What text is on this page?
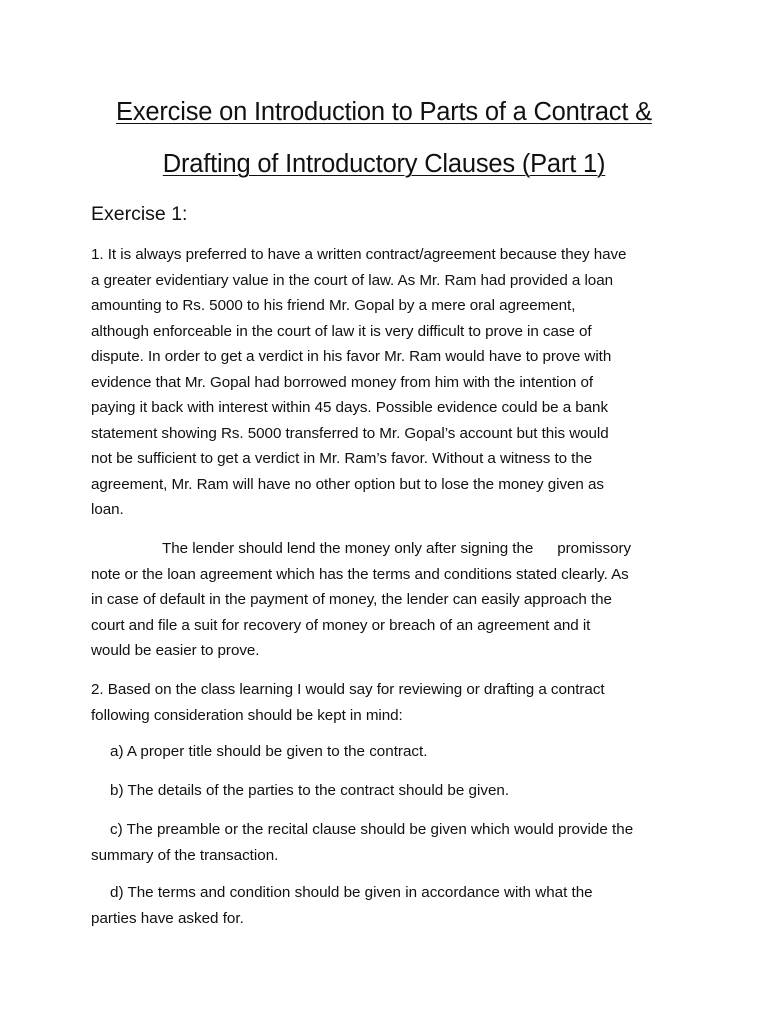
Exercise on Introduction to Parts of a Contract &
Drafting of Introductory Clauses (Part 1)
Exercise 1:
1. It is always preferred to have a written contract/agreement because they have
a greater evidentiary value in the court of law. As Mr. Ram had provided a loan
amounting to Rs. 5000 to his friend Mr. Gopal by a mere oral agreement,
although enforceable in the court of law it is very difficult to prove in case of
dispute. In order to get a verdict in his favor Mr. Ram would have to prove with
evidence that Mr. Gopal had borrowed money from him with the intention of
paying it back with interest within 45 days. Possible evidence could be a bank
statement showing Rs. 5000 transferred to Mr. Gopal’s account but this would
not be sufficient to get a verdict in Mr. Ram’s favor. Without a witness to the
agreement, Mr. Ram will have no other option but to lose the money given as
loan.
The lender should lend the money only after signing the promissory
note or the loan agreement which has the terms and conditions stated clearly. As
in case of default in the payment of money, the lender can easily approach the
court and file a suit for recovery of money or breach of an agreement and it
would be easier to prove.
2. Based on the class learning I would say for reviewing or drafting a contract
following consideration should be kept in mind:
a) A proper title should be given to the contract.
b) The details of the parties to the contract should be given.
c) The preamble or the recital clause should be given which would provide the
summary of the transaction.
d) The terms and condition should be given in accordance with what the
parties have asked for.
